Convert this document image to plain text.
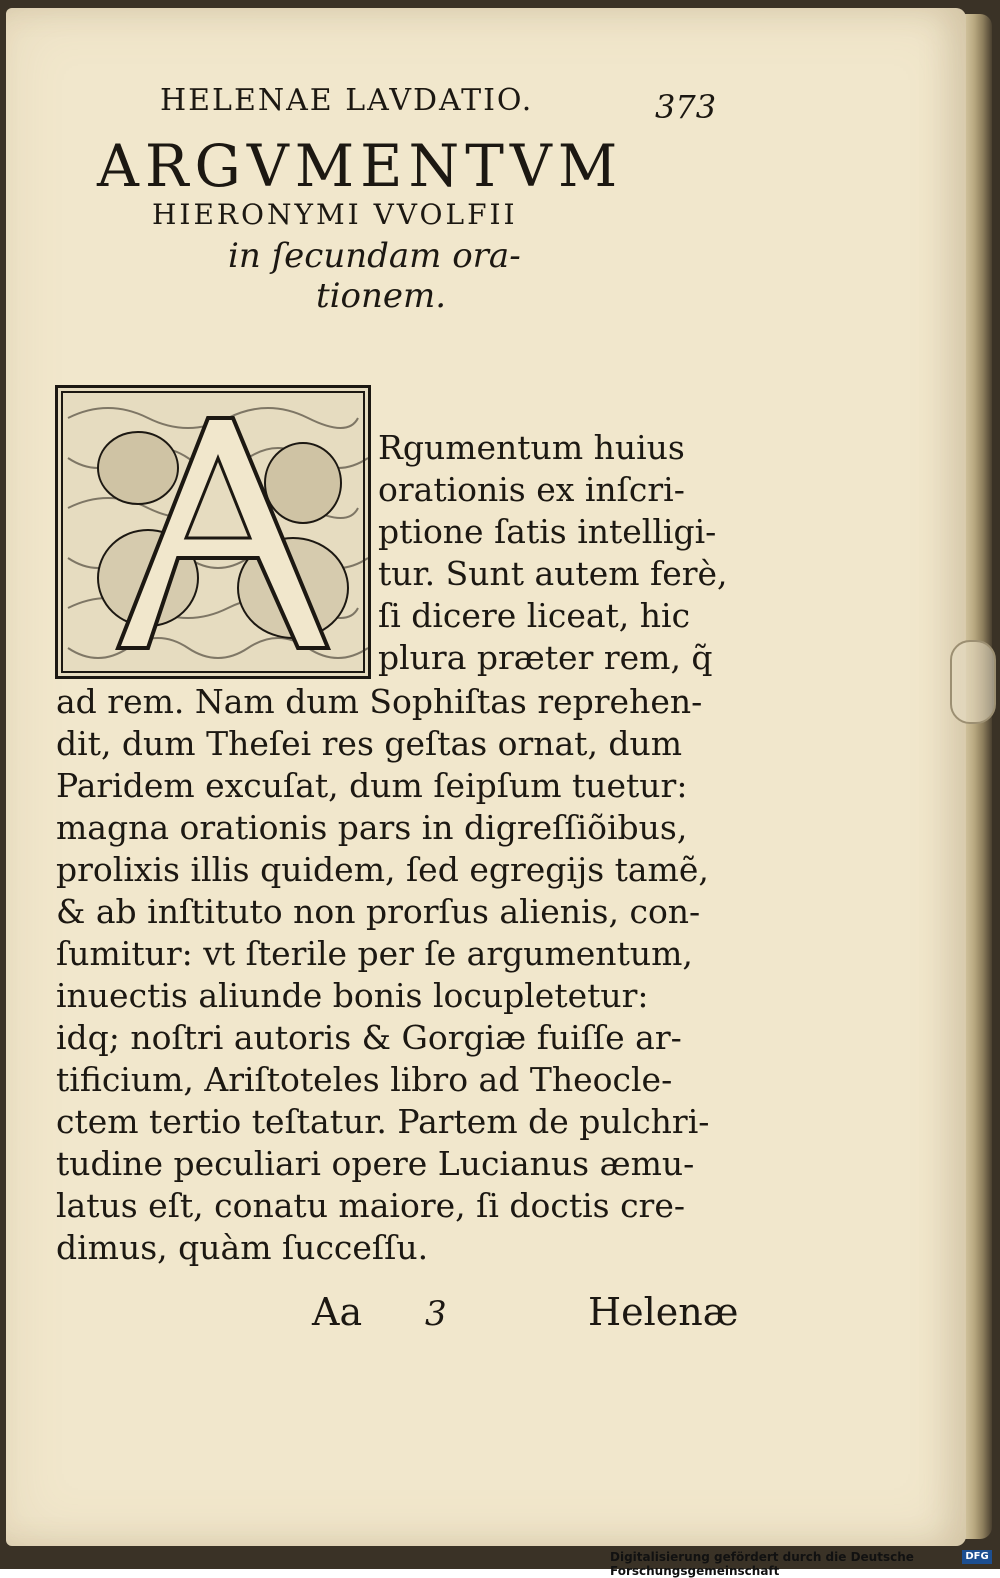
HELENAE LAVDATIO.	373
ARGVMENTVM
HIERONYMI VVOLFII
in ſecundam ora-
tionem.
Rgumentum huius
orationis ex inſcri-
ptione ſatis intelligi-
tur. Sunt autem ferè,
ſi dicere liceat, hic
plura præter rem, q̃
ad rem. Nam dum Sophiſtas reprehen-
dit, dum Theſei res geſtas ornat, dum
Paridem excuſat, dum ſeipſum tuetur:
magna orationis pars in digreſſiõibus,
prolixis illis quidem, ſed egregijs tamẽ,
& ab inſtituto non prorſus alienis, con-
ſumitur: vt ſterile per ſe argumentum,
inuectis aliunde bonis locupletetur:
idq; noſtri autoris & Gorgiæ fuiſſe ar-
tificium, Ariſtoteles libro ad Theocle-
ctem tertio teſtatur. Partem de pulchri-
tudine peculiari opere Lucianus æmu-
latus eſt, conatu maiore, ſi doctis cre-
dimus, quàm ſucceſſu.
Aa 3	Helenæ
Digitalisierung gefördert durch die Deutsche Forschungsgemeinschaft
DFG
